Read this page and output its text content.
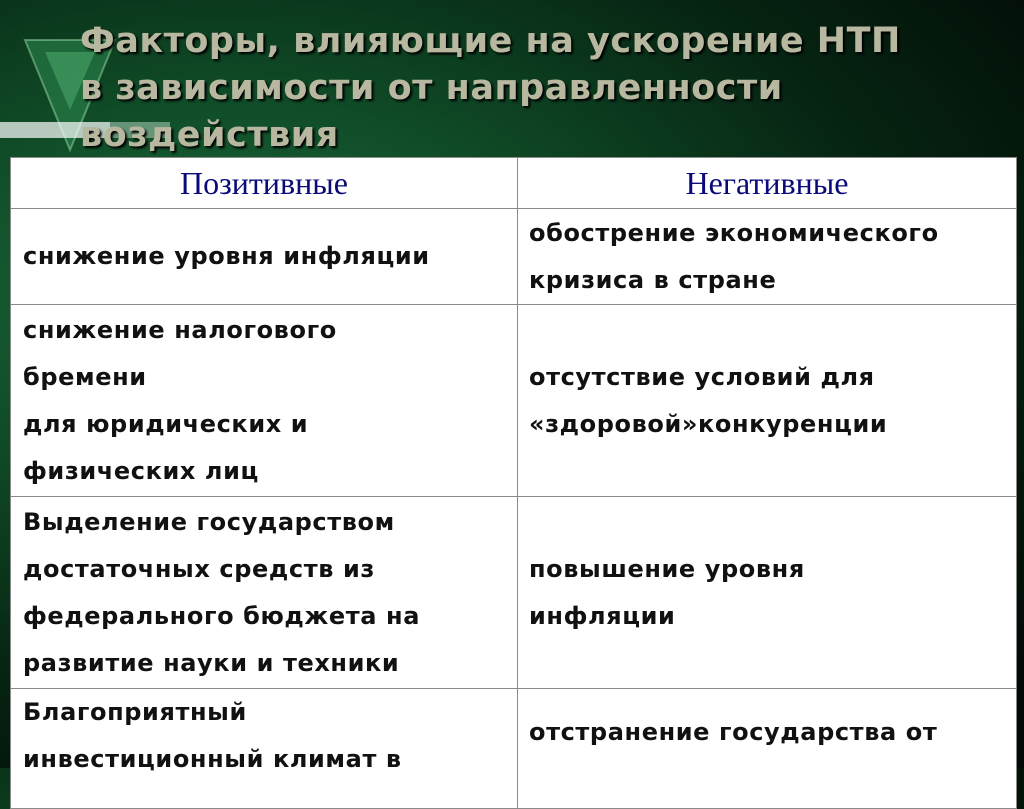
Факторы, влияющие на ускорение НТП
в зависимости от направленности
воздействия
Позитивные	Негативные

снижение уровня инфляции	обострение экономического
кризиса в стране

снижение налогового
бремени
для юридических и
физических лиц	отсутствие условий для
«здоровой»конкуренции

Выделение государством
достаточных средств из
федерального бюджета на
развитие науки и техники	повышение уровня
инфляции

Благоприятный
инвестиционный климат в	отстранение государства от
